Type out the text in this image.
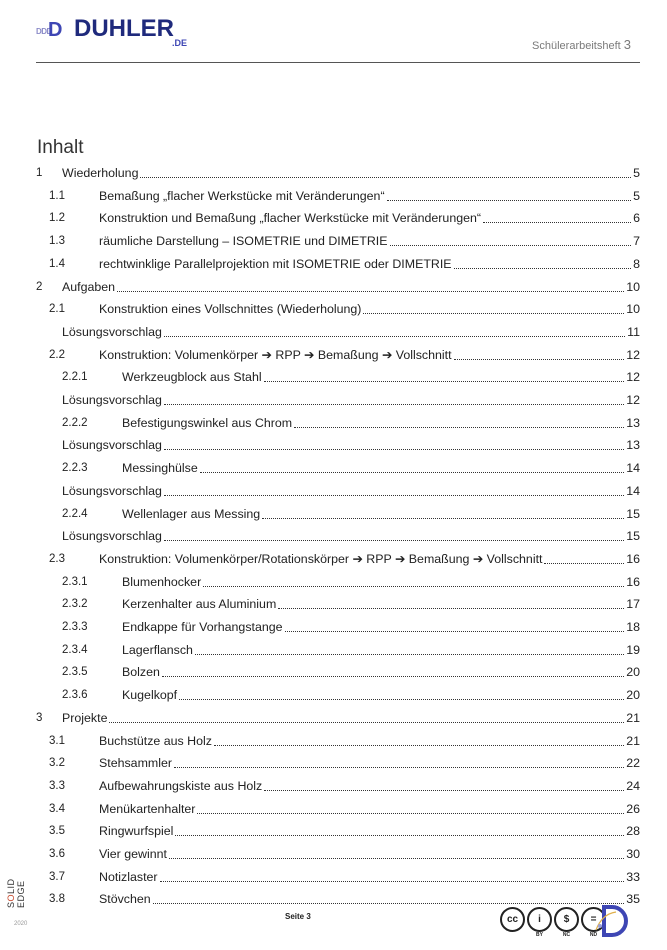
DDD
D DUHLER
.DE	Schülerarbeitsheft 3
Inhalt
1	Wiederholung	5
1.1	Bemaßung „flacher Werkstücke mit Veränderungen“	5
1.2	Konstruktion und Bemaßung „flacher Werkstücke mit Veränderungen“	6
1.3	räumliche Darstellung – ISOMETRIE und DIMETRIE	7
1.4	rechtwinklige Parallelprojektion mit ISOMETRIE oder DIMETRIE	8
2	Aufgaben	10
2.1	Konstruktion eines Vollschnittes (Wiederholung)	10
Lösungsvorschlag	11
2.2	Konstruktion: Volumenkörper ➔ RPP ➔ Bemaßung ➔ Vollschnitt	12
2.2.1	Werkzeugblock aus Stahl	12
Lösungsvorschlag	12
2.2.2	Befestigungswinkel aus Chrom	13
Lösungsvorschlag	13
2.2.3	Messinghülse	14
Lösungsvorschlag	14
2.2.4	Wellenlager aus Messing	15
Lösungsvorschlag	15
2.3	Konstruktion: Volumenkörper/Rotationskörper ➔ RPP ➔ Bemaßung ➔ Vollschnitt	16
2.3.1	Blumenhocker	16
2.3.2	Kerzenhalter aus Aluminium	17
2.3.3	Endkappe für Vorhangstange	18
2.3.4	Lagerflansch	19
2.3.5	Bolzen	20
2.3.6	Kugelkopf	20
3	Projekte	21
3.1	Buchstütze aus Holz	21
3.2	Stehsammler	22
3.3	Aufbewahrungskiste aus Holz	24
3.4	Menükartenhalter	26
3.5	Ringwurfspiel	28
3.6	Vier gewinnt	30
3.7	Notizlaster	33
3.8	Stövchen	35
Seite 3
SOLID EDGE
2020	cc	i
BY
$
NC
=
ND
